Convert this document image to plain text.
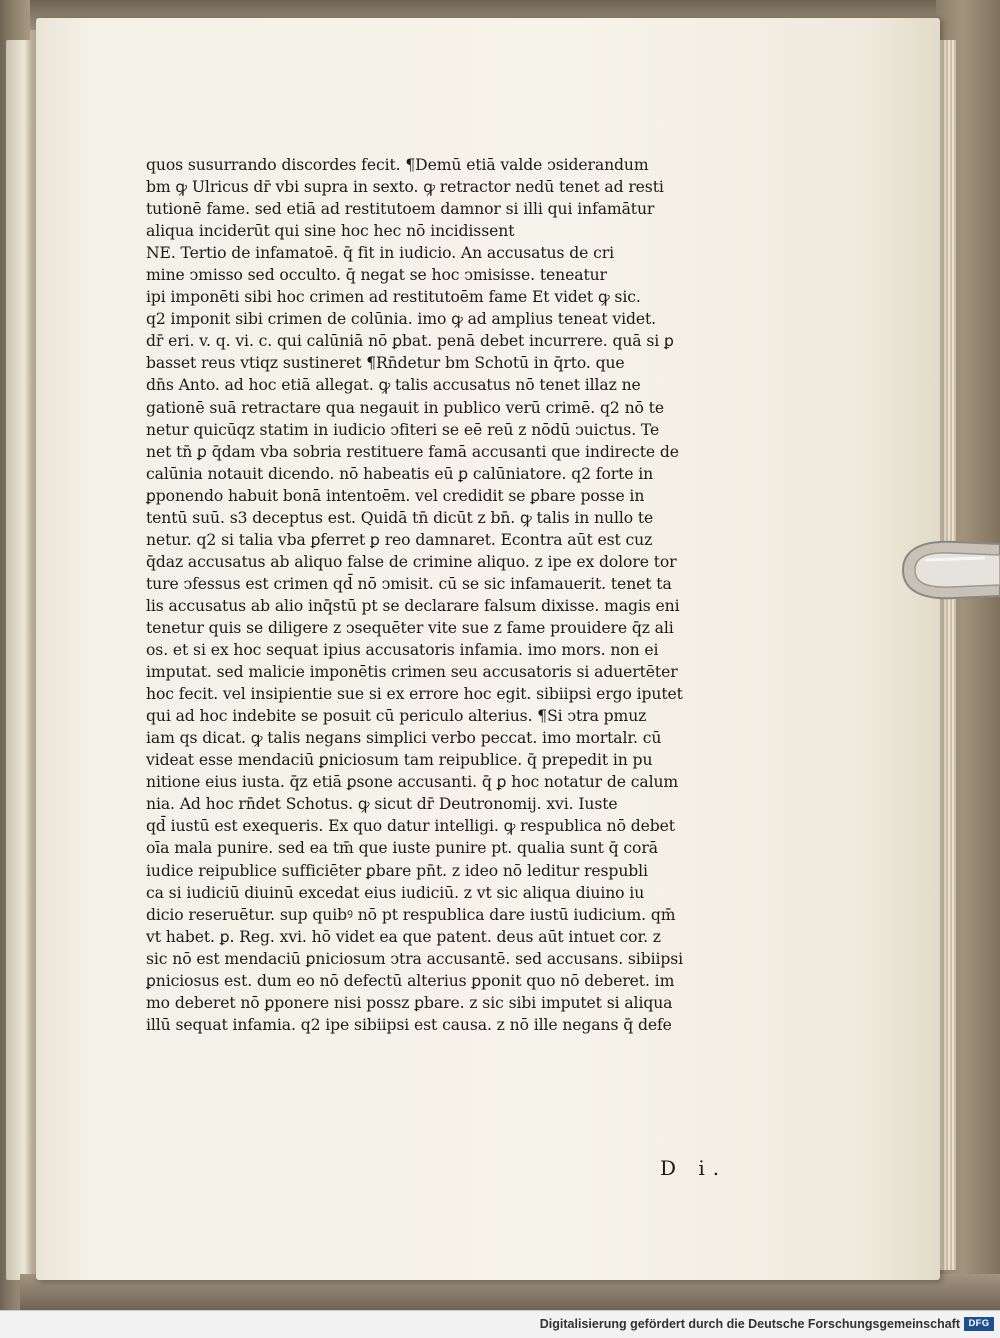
quos susurrando discordes fecit. ¶Demū etiā valde ↄsiderandum
bm ꝙ Ulricus dr̄ vbi supra in sexto. ꝙ retractor nedū tenet ad resti
tutionē fame. sed etiā ad restitutoem damnor si illi qui infamātur
aliqua inciderūt qui sine hoc hec nō incidissent
NE. Tertio de infamatoē. q̄ fit in iudicio. An accusatus de cri
mine ↄmisso sed occulto. q̄ negat se hoc ↄmisisse. teneatur
ipi imponēti sibi hoc crimen ad restitutoēm fame Et videt ꝙ sic.
q2 imponit sibi crimen de colūnia. imo ꝙ ad amplius teneat videt.
dr̄ eri. v. q. vi. c. qui calūniā nō ꝑbat. penā debet incurrere. quā si ꝑ
basset reus vtiqz sustineret ¶Rn̄detur bm Schotū in q̄rto. que
dn̄s Anto. ad hoc etiā allegat. ꝙ talis accusatus nō tenet illaz ne
gationē suā retractare qua negauit in publico verū crimē. q2 nō te
netur quicūqz statim in iudicio ↄfiteri se eē reū z nōdū ↄuictus. Te
net tn̄ ꝑ q̄dam vba sobria restituere famā accusanti que indirecte de
calūnia notauit dicendo. nō habeatis eū ꝑ calūniatore. q2 forte in
ꝑponendo habuit bonā intentoēm. vel credidit se ꝑbare posse in
tentū suū. s3 deceptus est. Quidā tn̄ dicūt z bn̄. ꝙ talis in nullo te
netur. q2 si talia vba ꝑferret ꝑ reo damnaret. Econtra aūt est cuz
q̄daz accusatus ab aliquo false de crimine aliquo. z ipe ex dolore tor
ture ↄfessus est crimen qd̄ nō ↄmisit. cū se sic infamauerit. tenet ta
lis accusatus ab alio inq̄stū pt se declarare falsum dixisse. magis eni
tenetur quis se diligere z ↄsequēter vite sue z fame prouidere q̄z ali
os. et si ex hoc sequat ipius accusatoris infamia. imo mors. non ei
imputat. sed malicie imponētis crimen seu accusatoris si aduertēter
hoc fecit. vel insipientie sue si ex errore hoc egit. sibiipsi ergo iputet
qui ad hoc indebite se posuit cū periculo alterius. ¶Si ↄtra pmuz
iam qs dicat. ꝙ talis negans simplici verbo peccat. imo mortalr. cū
videat esse mendaciū ꝑniciosum tam reipublice. q̄ prepedit in pu
nitione eius iusta. q̄z etiā ꝑsone accusanti. q̄ ꝑ hoc notatur de calum
nia. Ad hoc rn̄det Schotus. ꝙ sicut dr̄ Deutronomij. xvi. Iuste
qd̄ iustū est exequeris. Ex quo datur intelligi. ꝙ respublica nō debet
oīa mala punire. sed ea tm̄ que iuste punire pt. qualia sunt q̄ corā
iudice reipublice sufficiēter ꝑbare pn̄t. z ideo nō leditur respubli
ca si iudiciū diuinū excedat eius iudiciū. z vt sic aliqua diuino iu
dicio reseruētur. sup quibꝰ nō pt respublica dare iustū iudicium. qm̄
vt habet. ꝑ. Reg. xvi. hō videt ea que patent. deus aūt intuet cor. z
sic nō est mendaciū ꝑniciosum ↄtra accusantē. sed accusans. sibiipsi
ꝑniciosus est. dum eo nō defectū alterius ꝑponit quo nō deberet. im
mo deberet nō ꝑponere nisi possz ꝑbare. z sic sibi imputet si aliqua
illū sequat infamia. q2 ipe sibiipsi est causa. z nō ille negans q̄ defe
D i.
Digitalisierung gefördert durch die Deutsche Forschungsgemeinschaft DFG
